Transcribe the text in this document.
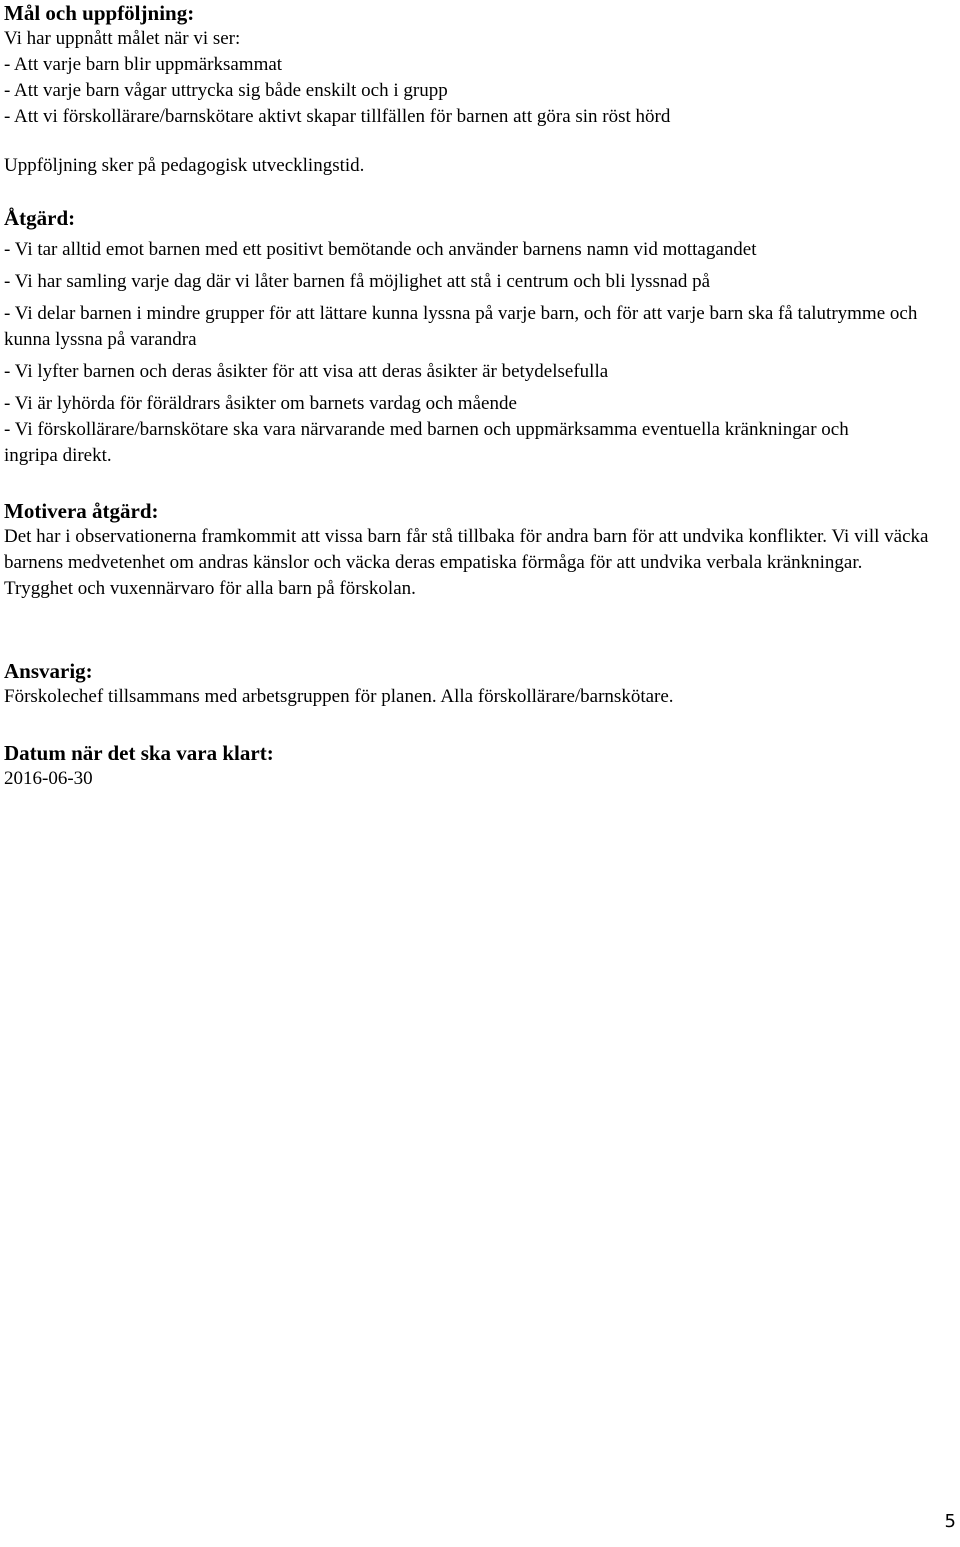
Mål och uppföljning:
Vi har uppnått målet när vi ser:
- Att varje barn blir uppmärksammat
- Att varje barn vågar uttrycka sig både enskilt och i grupp
- Att vi förskollärare/barnskötare aktivt skapar tillfällen för barnen att göra sin röst hörd
Uppföljning sker på pedagogisk utvecklingstid.
Åtgärd:
- Vi tar alltid emot barnen med ett positivt bemötande och använder barnens namn vid mottagandet
- Vi har samling varje dag där vi låter barnen få möjlighet att stå i centrum och bli lyssnad på

- Vi delar barnen i mindre grupper för att lättare kunna lyssna på varje barn, och för att varje barn ska få talutrymme och kunna lyssna på varandra

- Vi lyfter barnen och deras åsikter för att visa att deras åsikter är betydelsefulla
- Vi är lyhörda för föräldrars åsikter om barnets vardag och mående

- Vi förskollärare/barnskötare ska vara närvarande med barnen och uppmärksamma eventuella kränkningar och ingripa direkt.

Motivera åtgärd:

Det har i observationerna framkommit att vissa barn får stå tillbaka för andra barn för att undvika konflikter. Vi vill väcka barnens medvetenhet om andras känslor och väcka deras empatiska förmåga för att undvika verbala kränkningar.

Trygghet och vuxennärvaro för alla barn på förskolan.
Ansvarig:
Förskolechef tillsammans med arbetsgruppen för planen. Alla förskollärare/barnskötare.
Datum när det ska vara klart:
2016-06-30
5
